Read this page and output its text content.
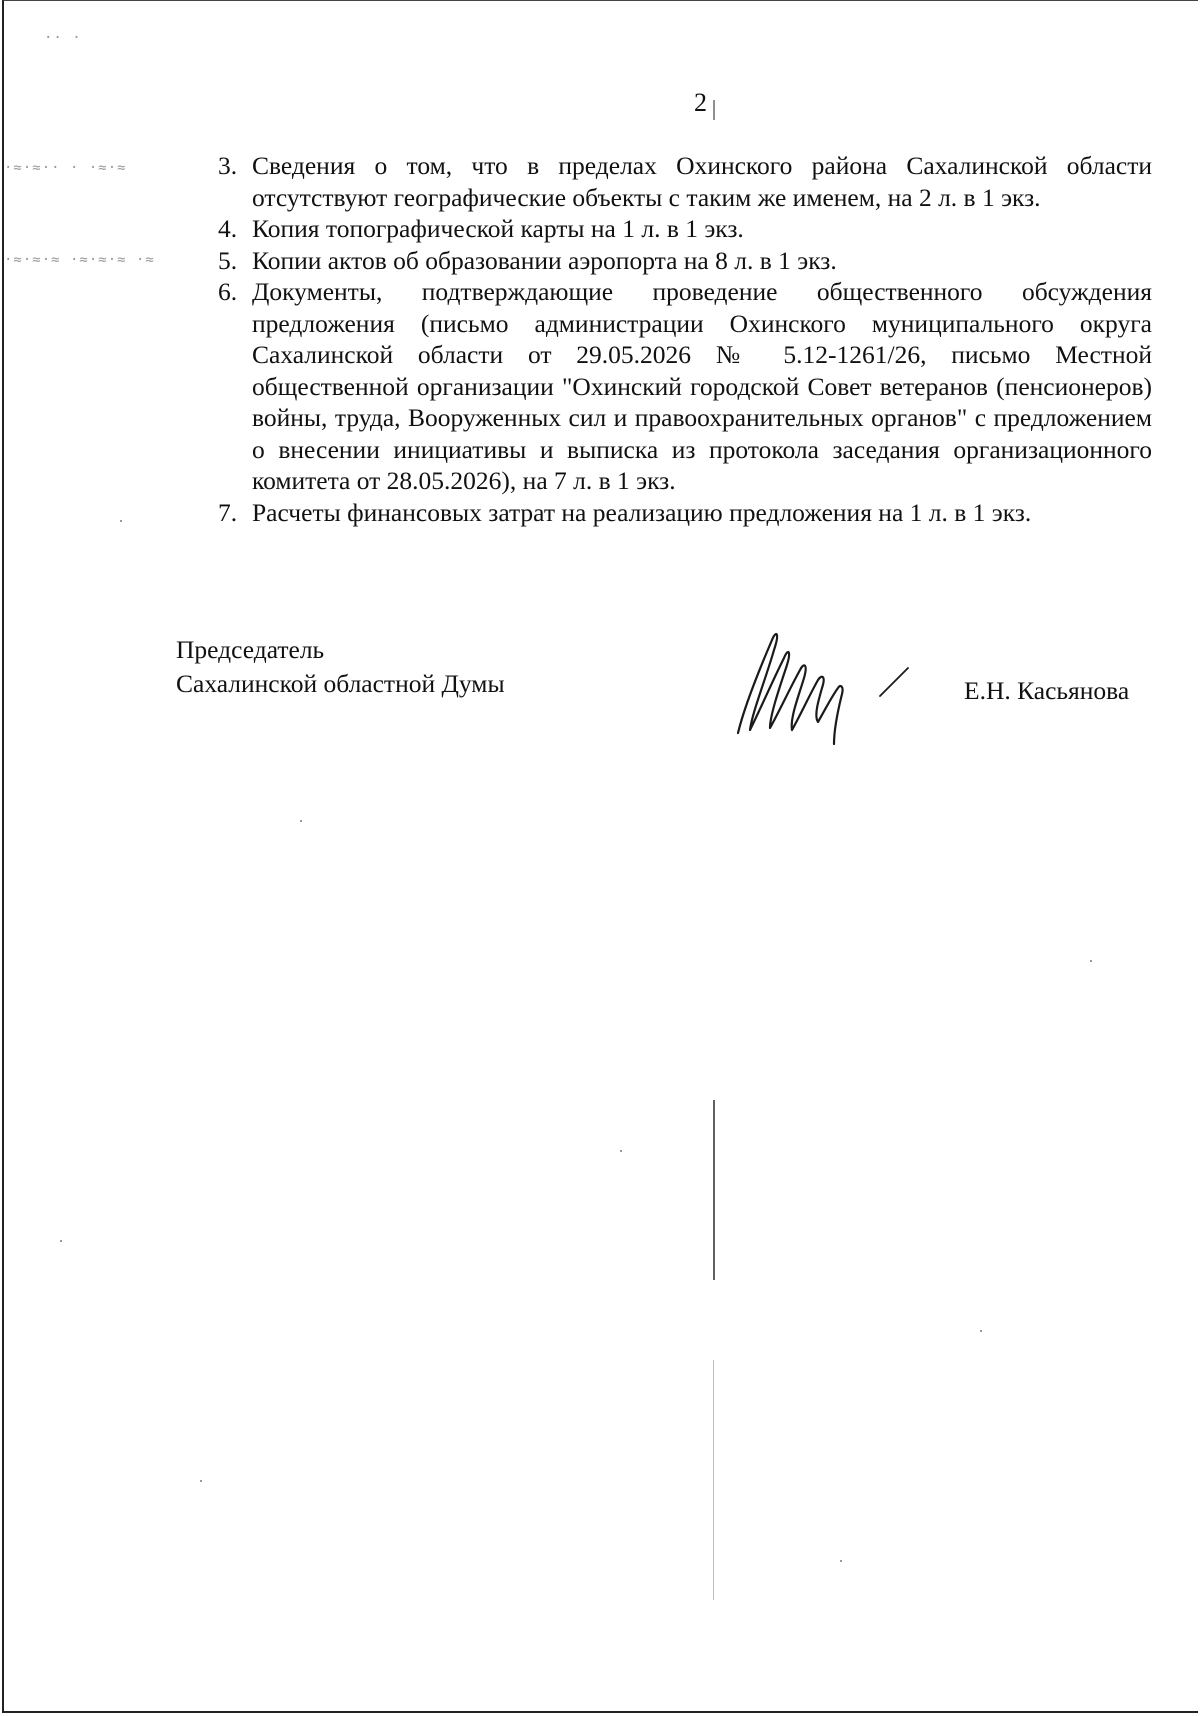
·≈·≈·· · ·≈·≈
·≈·≈·≈ ·≈·≈·≈ ·≈
·· ·
2
3. Сведения о том, что в пределах Охинского района Сахалинской области отсутствуют географические объекты с таким же именем, на 2 л. в 1 экз.
4. Копия топографической карты на 1 л. в 1 экз.
5. Копии актов об образовании аэропорта на 8 л. в 1 экз.
6. Документы, подтверждающие проведение общественного обсуждения предложения (письмо администрации Охинского муниципального округа Сахалинской области от 29.05.2026 № 5.12-1261/26, письмо Местной общественной организации "Охинский городской Совет ветеранов (пенсионеров) войны, труда, Вооруженных сил и правоохранительных органов" с предложением о внесении инициативы и выписка из протокола заседания организационного комитета от 28.05.2026), на 7 л. в 1 экз.
7. Расчеты финансовых затрат на реализацию предложения на 1 л. в 1 экз.
Председатель
Сахалинской областной Думы	Е.Н. Касьянова
